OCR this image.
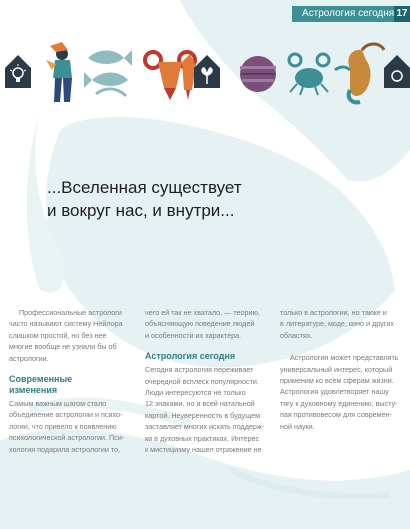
Астрология сегодня 17
...Вселенная существует
и вокруг нас, и внутри...

Профессиональные астрологи
часто называют систему Нейлора
слишком простой, но без нее
многие вообще не узнали бы об
астрологии.

Современные
изменения

Самым важным шагом стало
объединение астрологии и психо-
логии, что привело к появлению
психологической астрологии. Пси-
хология подарила астрологии то,

чего ей так не хватало, — теорию,
объясняющую поведение людей
и особенности их характера.

Астрология сегодня

Сегодня астрология переживает
очередной всплеск популярности.
Люди интересуются не только
12 знаками, но и всей натальной
картой. Неуверенность в будущем
заставляет многих искать поддерж-
ки в духовных практиках. Интерес
к мистицизму нашел отражение не

только в астрологии, но также и
в литературе, моде, кино и других
областях.

Астрология может представлять
универсальный интерес, который
применим ко всем сферам жизни.
Астрология удовлетворяет нашу
тягу к духовному единению, высту-
пая противовесом для современ-
ной науки.
